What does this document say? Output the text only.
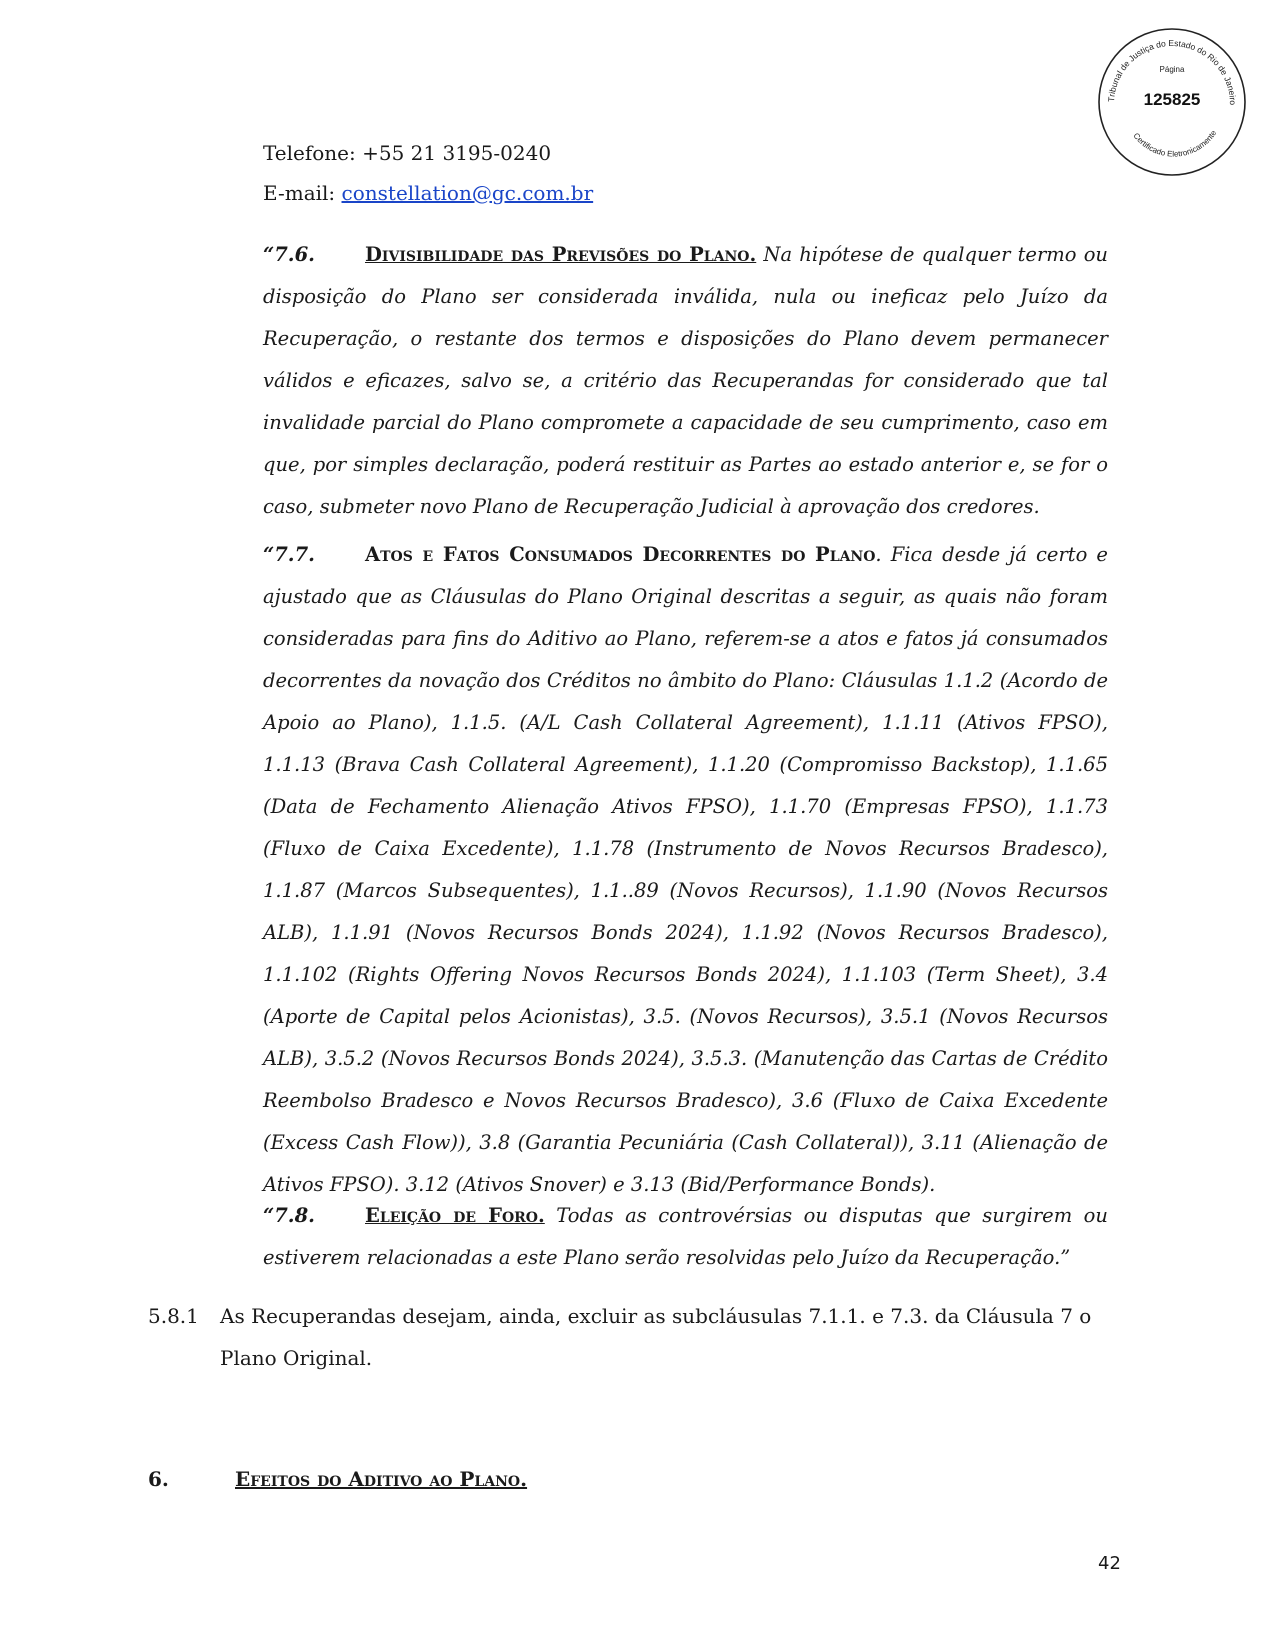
Tribunal de Justiça do Estado do Rio de Janeiro
Página
125825
Certificado Eletronicamente
Telefone: +55 21 3195-0240
E-mail: constellation@gc.com.br
“7.6.	Divisibilidade das Previsões do Plano. Na hipótese de qualquer termo ou disposição do Plano ser considerada inválida, nula ou ineficaz pelo Juízo da Recuperação, o restante dos termos e disposições do Plano devem permanecer válidos e eficazes, salvo se, a critério das Recuperandas for considerado que tal invalidade parcial do Plano compromete a capacidade de seu cumprimento, caso em que, por simples declaração, poderá restituir as Partes ao estado anterior e, se for o caso, submeter novo Plano de Recuperação Judicial à aprovação dos credores.
“7.7.	Atos e Fatos Consumados Decorrentes do Plano. Fica desde já certo e ajustado que as Cláusulas do Plano Original descritas a seguir, as quais não foram consideradas para fins do Aditivo ao Plano, referem-se a atos e fatos já consumados decorrentes da novação dos Créditos no âmbito do Plano: Cláusulas 1.1.2 (Acordo de Apoio ao Plano), 1.1.5. (A/L Cash Collateral Agreement), 1.1.11 (Ativos FPSO), 1.1.13 (Brava Cash Collateral Agreement), 1.1.20 (Compromisso Backstop), 1.1.65 (Data de Fechamento Alienação Ativos FPSO), 1.1.70 (Empresas FPSO), 1.1.73 (Fluxo de Caixa Excedente), 1.1.78 (Instrumento de Novos Recursos Bradesco), 1.1.87 (Marcos Subsequentes), 1.1..89 (Novos Recursos), 1.1.90 (Novos Recursos ALB), 1.1.91 (Novos Recursos Bonds 2024), 1.1.92 (Novos Recursos Bradesco), 1.1.102 (Rights Offering Novos Recursos Bonds 2024), 1.1.103 (Term Sheet), 3.4 (Aporte de Capital pelos Acionistas), 3.5. (Novos Recursos), 3.5.1 (Novos Recursos ALB), 3.5.2 (Novos Recursos Bonds 2024), 3.5.3. (Manutenção das Cartas de Crédito Reembolso Bradesco e Novos Recursos Bradesco), 3.6 (Fluxo de Caixa Excedente (Excess Cash Flow)), 3.8 (Garantia Pecuniária (Cash Collateral)), 3.11 (Alienação de Ativos FPSO). 3.12 (Ativos Snover) e 3.13 (Bid/Performance Bonds).
“7.8.	Eleição de Foro. Todas as controvérsias ou disputas que surgirem ou estiverem relacionadas a este Plano serão resolvidas pelo Juízo da Recuperação.”
5.8.1 As Recuperandas desejam, ainda, excluir as subcláusulas 7.1.1. e 7.3. da Cláusula 7 o Plano Original.
6.	Efeitos do Aditivo ao Plano.
42
